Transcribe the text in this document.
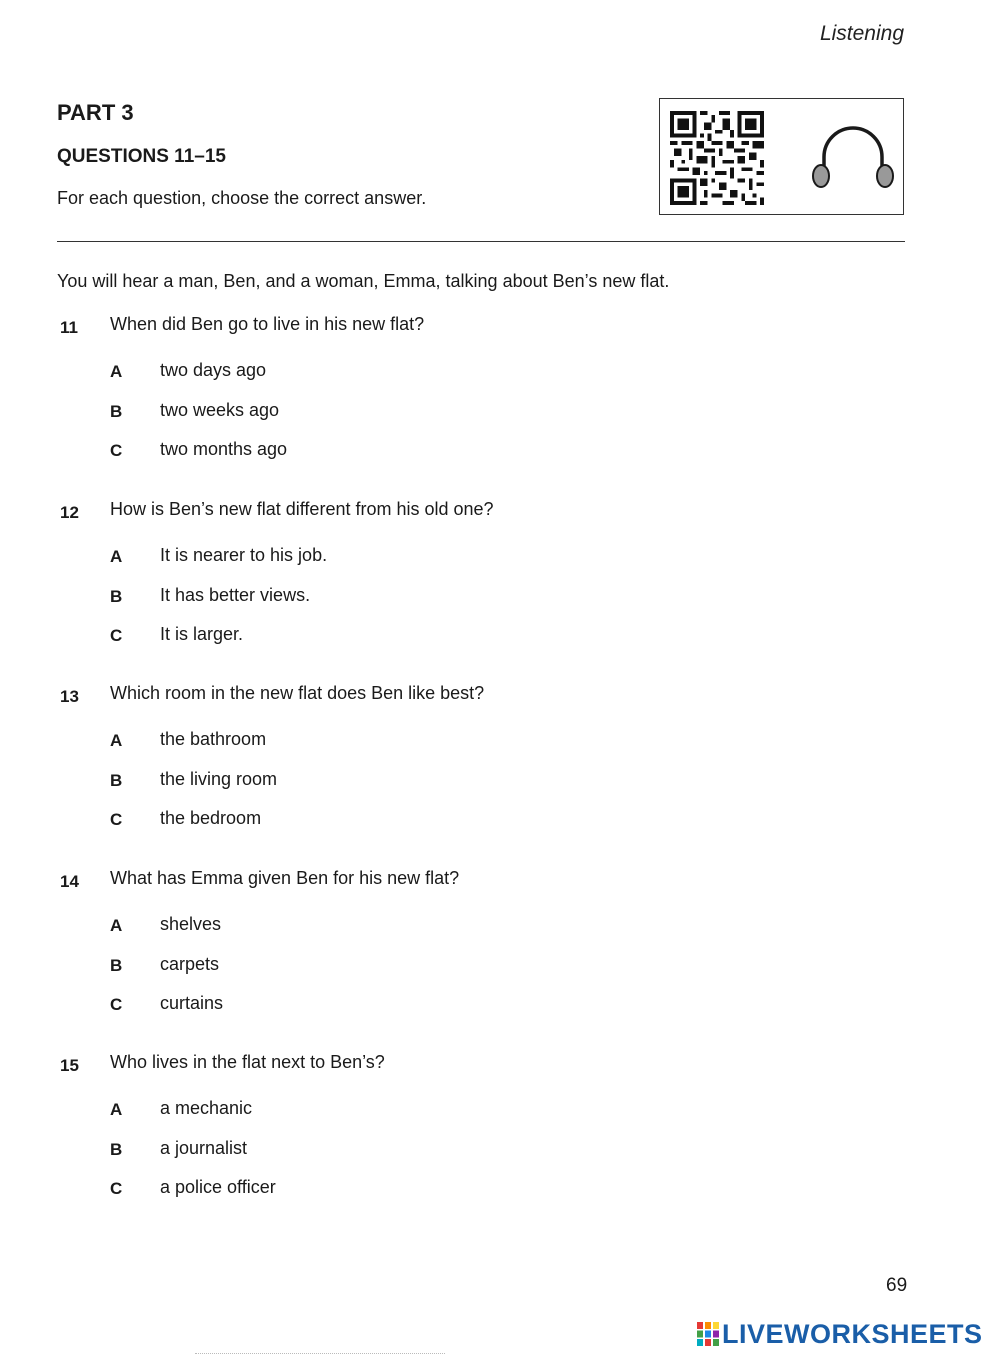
Listening
PART 3
QUESTIONS 11–15
For each question, choose the correct answer.
You will hear a man, Ben, and a woman, Emma, talking about Ben’s new flat.
11 When did Ben go to live in his new flat?
A two days ago
B two weeks ago
C two months ago
12 How is Ben’s new flat different from his old one?
A It is nearer to his job.
B It has better views.
C It is larger.
13 Which room in the new flat does Ben like best?
A the bathroom
B the living room
C the bedroom
14 What has Emma given Ben for his new flat?
A shelves
B carpets
C curtains
15 Who lives in the flat next to Ben’s?
A a mechanic
B a journalist
C a police officer
69
LIVEWORKSHEETS
